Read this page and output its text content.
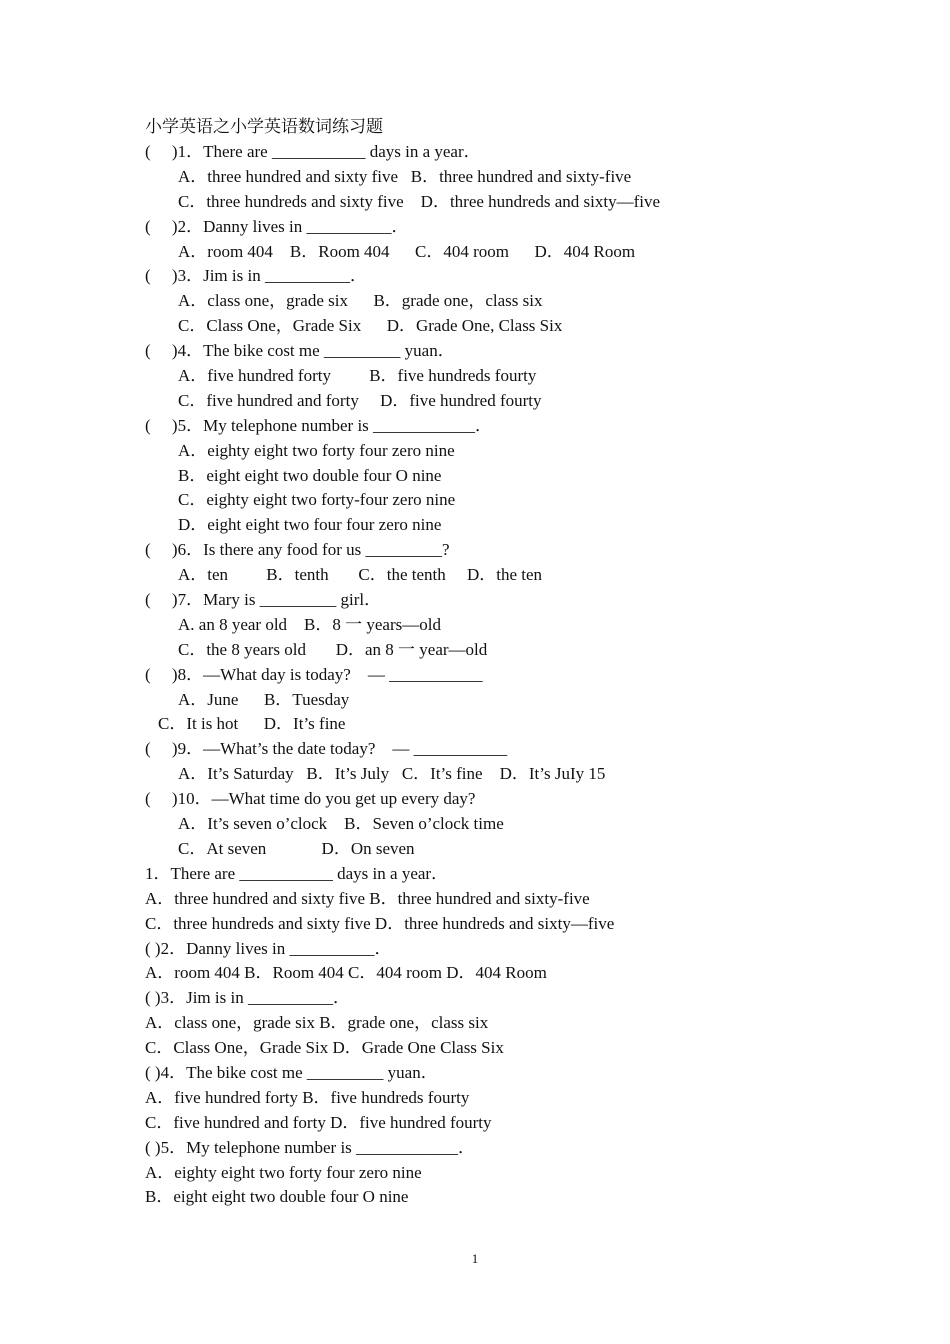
小学英语之小学英语数词练习题
(     )1．There are ___________ days in a year．
A．three hundred and sixty five   B．three hundred and sixty-five
C．three hundreds and sixty five    D．three hundreds and sixty—five
(     )2．Danny lives in __________．
A．room 404    B．Room 404      C．404 room      D．404 Room
(     )3．Jim is in __________．
A．class one，grade six      B．grade one，class six
C．Class One，Grade Six      D．Grade One, Class Six
(     )4．The bike cost me _________ yuan．
A．five hundred forty         B．five hundreds fourty
C．five hundred and forty     D．five hundred fourty
(     )5．My telephone number is ____________．
A．eighty eight two forty four zero nine
B．eight eight two double four O nine
C．eighty eight two forty-four zero nine
D．eight eight two four four zero nine
(     )6．Is there any food for us _________?
A．ten         B．tenth       C．the tenth     D．the ten
(     )7．Mary is _________ girl．
A. an 8 year old    B．8 一 years—old
C．the 8 years old       D．an 8 一 year—old
(     )8．—What day is today?    — ___________
A．June      B．Tuesday
C．It is hot      D．It’s fine
(     )9．—What’s the date today?    — ___________
A．It’s Saturday   B．It’s July   C．It’s fine    D．It’s JuIy 15
(     )10．—What time do you get up every day?
A．It’s seven o’clock    B．Seven o’clock time
C．At seven             D．On seven
1．There are ___________ days in a year．
A．three hundred and sixty five B．three hundred and sixty-five
C．three hundreds and sixty five D．three hundreds and sixty—five
( )2．Danny lives in __________．
A．room 404 B．Room 404 C．404 room D．404 Room
( )3．Jim is in __________．
A．class one，grade six B．grade one，class six
C．Class One，Grade Six D．Grade One Class Six
( )4．The bike cost me _________ yuan．
A．five hundred forty B．five hundreds fourty
C．five hundred and forty D．five hundred fourty
( )5．My telephone number is ____________．
A．eighty eight two forty four zero nine
B．eight eight two double four O nine
1
